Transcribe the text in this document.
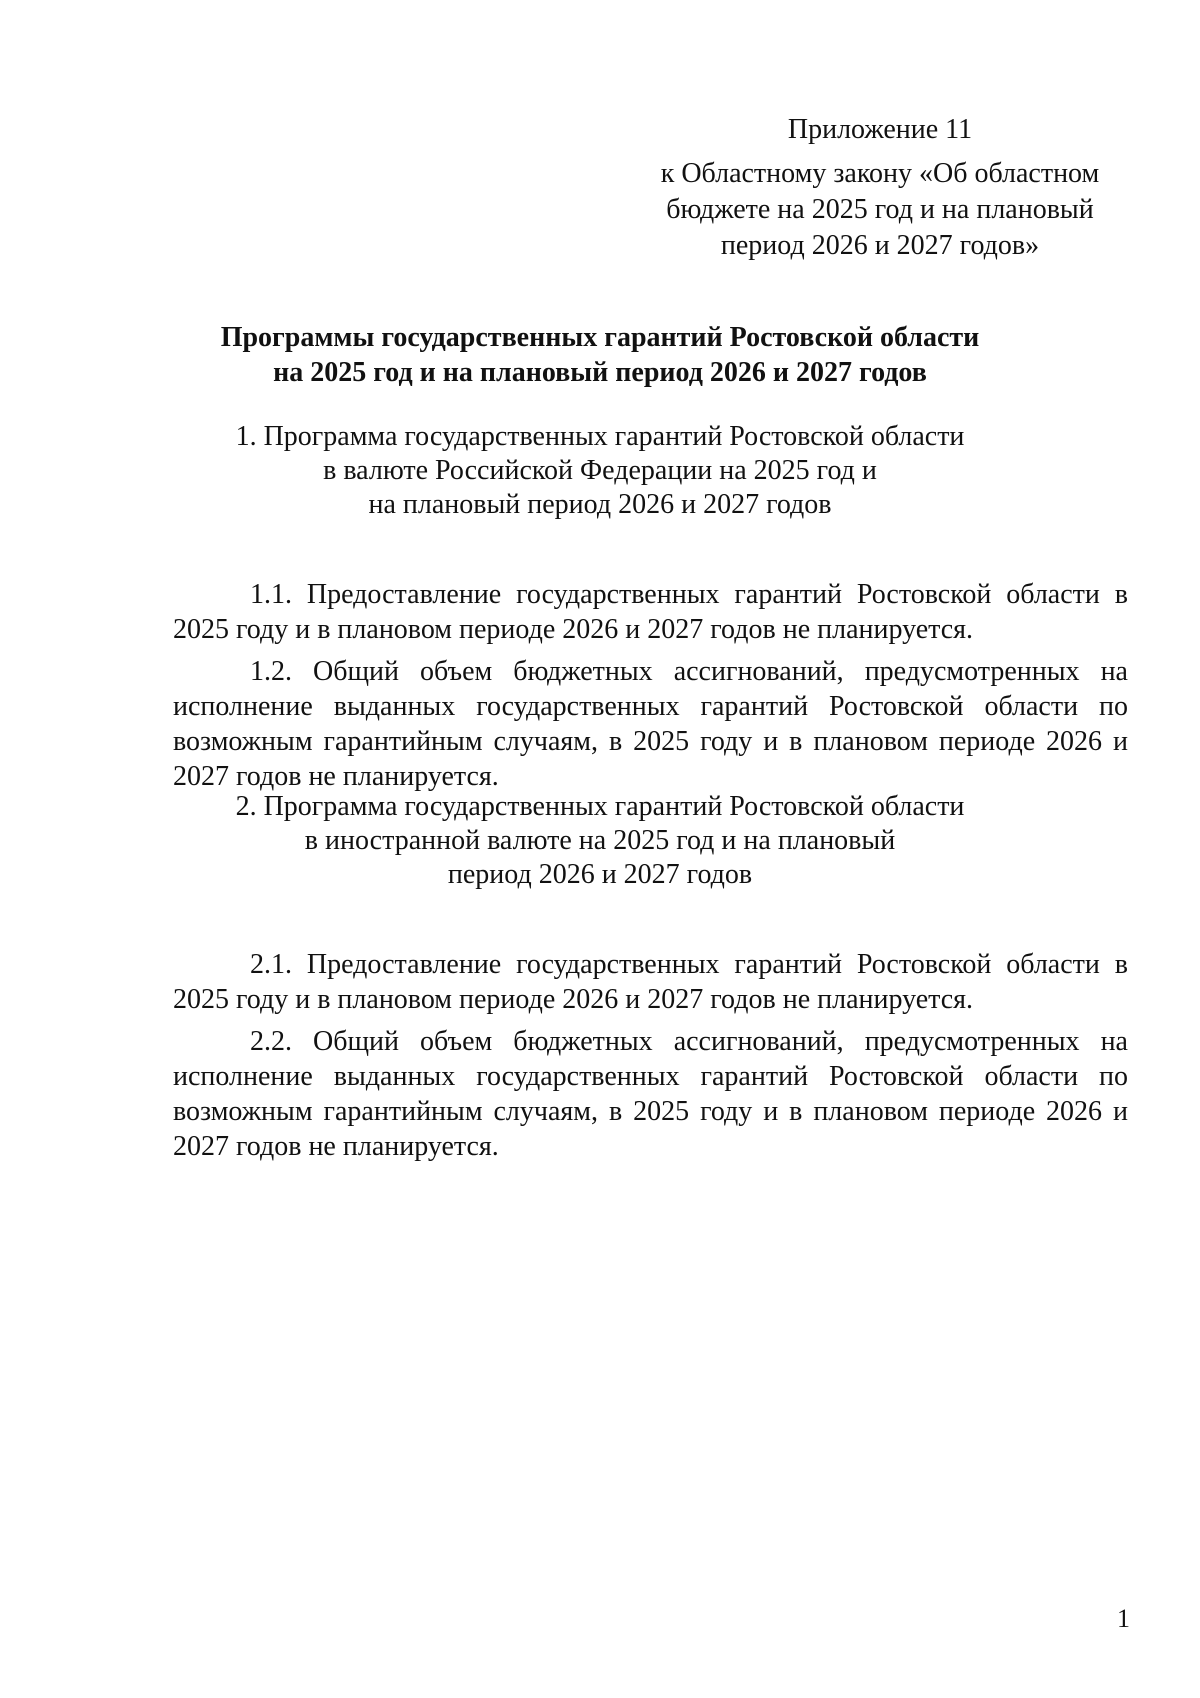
Приложение 11

к Областному закону «Об областном

бюджете на 2025 год и на плановый

период 2026 и 2027 годов»

Программы государственных гарантий Ростовской области

на 2025 год и на плановый период 2026 и 2027 годов

1. Программа государственных гарантий Ростовской области

в валюте Российской Федерации на 2025 год и

на плановый период 2026 и 2027 годов

1.1. Предоставление государственных гарантий Ростовской области в 2025 году и в плановом периоде 2026 и 2027 годов не планируется.

1.2. Общий объем бюджетных ассигнований, предусмотренных на исполнение выданных государственных гарантий Ростовской области по возможным гарантийным случаям, в 2025 году и в плановом периоде 2026 и 2027 годов не планируется.

2. Программа государственных гарантий Ростовской области

в иностранной валюте на 2025 год и на плановый

период 2026 и 2027 годов

2.1. Предоставление государственных гарантий Ростовской области в 2025 году и в плановом периоде 2026 и 2027 годов не планируется.

2.2. Общий объем бюджетных ассигнований, предусмотренных на исполнение выданных государственных гарантий Ростовской области по возможным гарантийным случаям, в 2025 году и в плановом периоде 2026 и 2027 годов не планируется.

1
